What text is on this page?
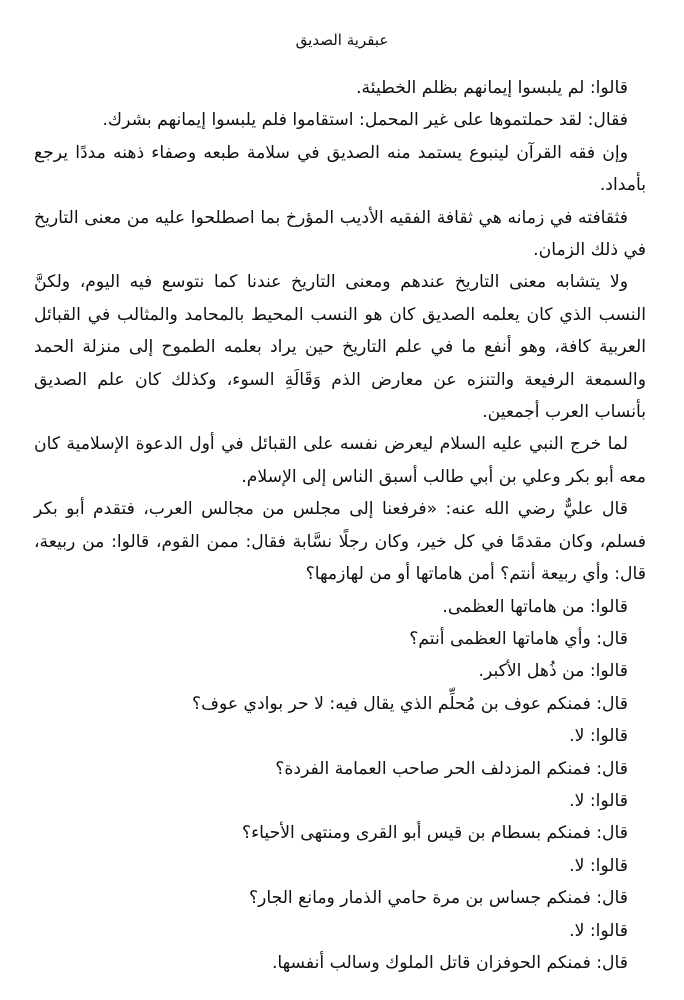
عبقرية الصديق

قالوا: لم يلبسوا إيمانهم بظلم الخطيئة.

فقال: لقد حملتموها على غير المحمل: استقاموا فلم يلبسوا إيمانهم بشرك.

وإن فقه القرآن لينبوع يستمد منه الصديق في سلامة طبعه وصفاء ذهنه مددًا يرجع بأمداد.

فثقافته في زمانه هي ثقافة الفقيه الأديب المؤرخ بما اصطلحوا عليه من معنى التاريخ في ذلك الزمان.

ولا يتشابه معنى التاريخ عندهم ومعنى التاريخ عندنا كما نتوسع فيه اليوم، ولكنَّ النسب الذي كان يعلمه الصديق كان هو النسب المحيط بالمحامد والمثالب في القبائل العربية كافة، وهو أنفع ما في علم التاريخ حين يراد بعلمه الطموح إلى منزلة الحمد والسمعة الرفيعة والتنزه عن معارض الذم وَقَالَةِ السوء، وكذلك كان علم الصديق بأنساب العرب أجمعين.

لما خرج النبي عليه السلام ليعرض نفسه على القبائل في أول الدعوة الإسلامية كان معه أبو بكر وعلي بن أبي طالب أسبق الناس إلى الإسلام.

قال عليٌّ رضي الله عنه: «فرفعنا إلى مجلس من مجالس العرب، فتقدم أبو بكر فسلم، وكان مقدمًا في كل خير، وكان رجلًا نسَّابة فقال: ممن القوم، قالوا: من ربيعة، قال: وأي ربيعة أنتم؟ أمن هاماتها أو من لهازمها؟

قالوا: من هاماتها العظمى.

قال: وأي هاماتها العظمى أنتم؟

قالوا: من ذُهل الأكبر.

قال: فمنكم عوف بن مُحلِّم الذي يقال فيه: لا حر بوادي عوف؟

قالوا: لا.

قال: فمنكم المزدلف الحر صاحب العمامة الفردة؟

قالوا: لا.

قال: فمنكم بسطام بن قيس أبو القرى ومنتهى الأحياء؟

قالوا: لا.

قال: فمنكم جساس بن مرة حامي الذمار ومانع الجار؟

قالوا: لا.

قال: فمنكم الحوفزان قاتل الملوك وسالب أنفسها.
